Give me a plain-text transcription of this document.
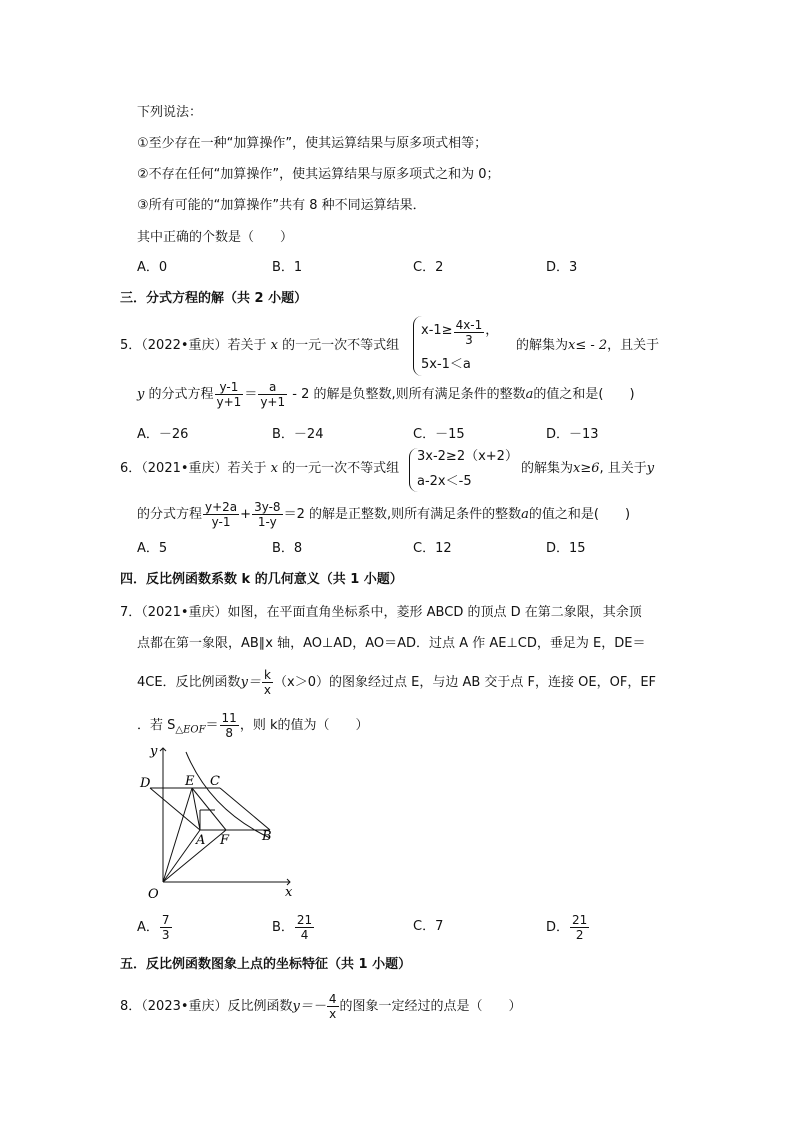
下列说法：
①至少存在一种“加算操作”，使其运算结果与原多项式相等；
②不存在任何“加算操作”，使其运算结果与原多项式之和为 0；
③所有可能的“加算操作”共有 8 种不同运算结果．
其中正确的个数是（　　）
A．0	B．1	C．2	D．3
三．分式方程的解（共 2 小题）
5．（2022•重庆）若关于 x 的一元一次不等式组
$x-1\ge \frac{4x-1}{3}$ ，
5x-1＜a
的解集为x≤ - 2，且关于
y 的分式方程 $\frac{y-1}{y+1} = \frac{a}{y+1} - 2$ 的解是负整数,则所有满足条件的整数a的值之和是(　　)
A．－26	B．－24	C．－15	D．－13
6．（2021•重庆）若关于 x 的一元一次不等式组
3x-2≥2（x+2）
a-2x＜-5
的解集为x≥6, 且关于y
的分式方程 $\frac{y+2a}{y-1} + \frac{3y-8}{1-y} =2$ 的解是正整数,则所有满足条件的整数a的值之和是(　　)
A．5	B．8	C．12	D．15
四．反比例函数系数 k 的几何意义（共 1 小题）
7．（2021•重庆）如图，在平面直角坐标系中，菱形 ABCD 的顶点 D 在第二象限，其余顶
点都在第一象限，AB∥x 轴，AO⊥AD，AO＝AD．过点 A 作 AE⊥CD，垂足为 E，DE＝
4CE．反比例函数$y= \frac{k}{x} (x>0)$的图象经过点 E，与边 AB 交于点 F，连接 OE，OF，EF
．若 $S_{\triangle EOF}= \frac{11}{8}$ ，则 k的值为（　　）
y
x
O
D	E C
A F	B
A． $\frac{7}{3}$	B． $\frac{21}{4}$	C．7	D． $\frac{21}{2}$
五．反比例函数图象上点的坐标特征（共 1 小题）
8．（2023•重庆）反比例函数$y=- \frac{4}{x}$ 的图象一定经过的点是（　　）
